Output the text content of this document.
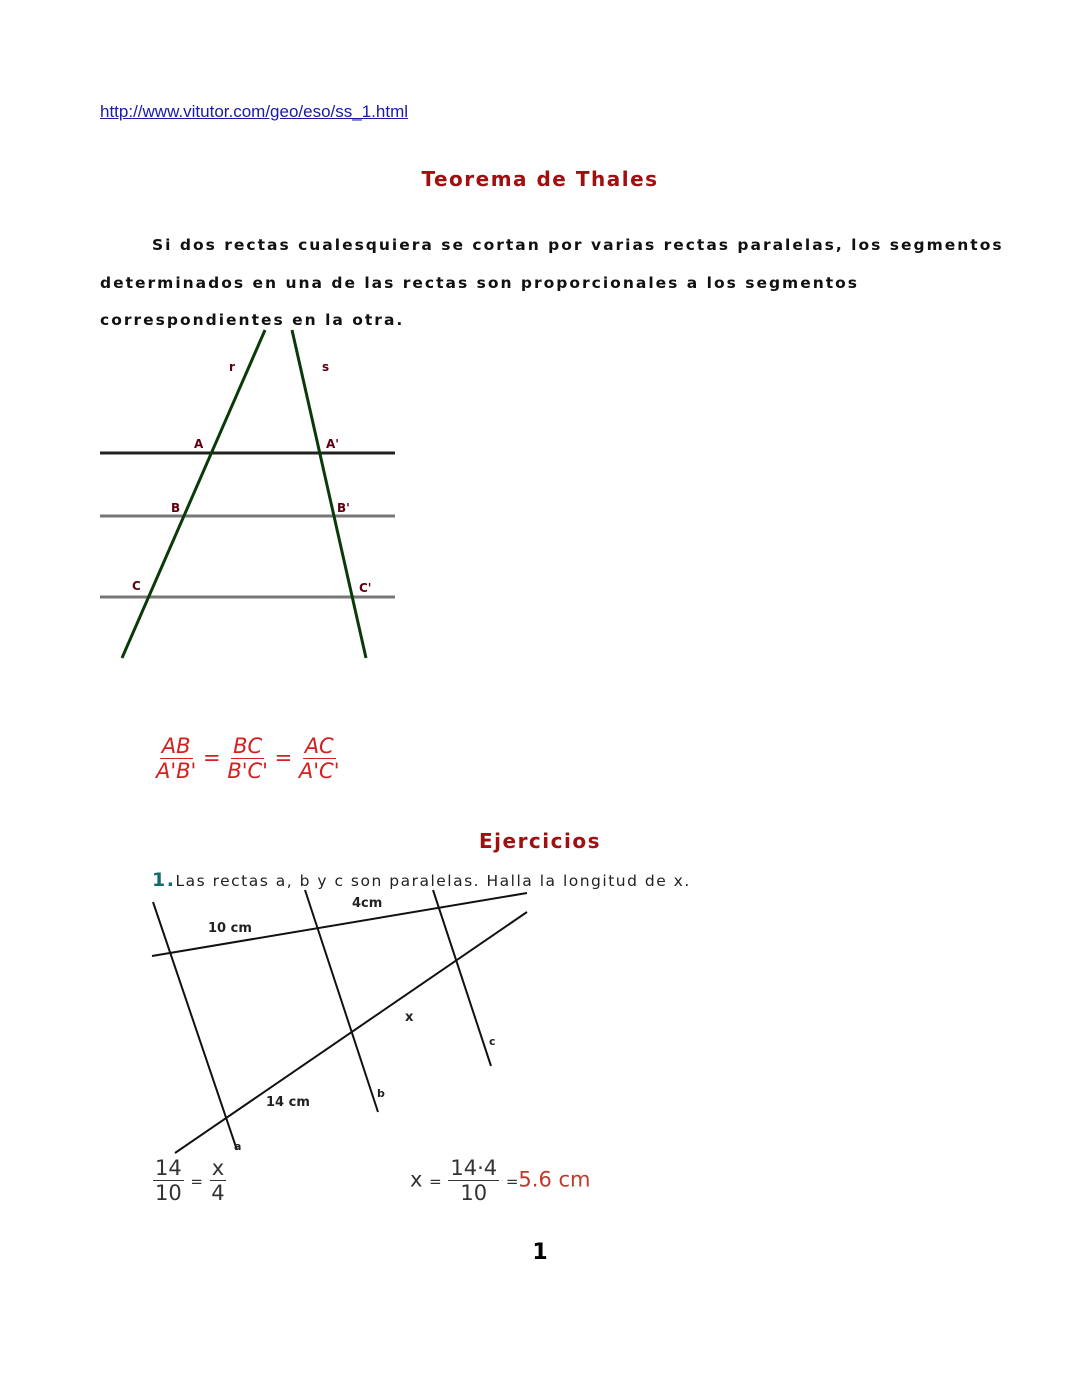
http://www.vitutor.com/geo/eso/ss_1.html
Teorema de Thales
Si dos rectas cualesquiera se cortan por varias rectas paralelas, los segmentos
determinados en una de las rectas son proporcionales a los segmentos
correspondientes en la otra.
r	s
A	A'
B	B'
C	C'
10 cm
4cm
x
c
b
14 cm
a
$\frac{AB}{A'B'} = \frac{BC}{B'C'} = \frac{AC}{A'C'}$
Ejercicios
1.Las rectas a, b y c son paralelas. Halla la longitud de x.
$\frac{14}{10} = \frac{x}{4}$	$x = \frac{14\cdot 4}{10} =5.6$ cm
1
